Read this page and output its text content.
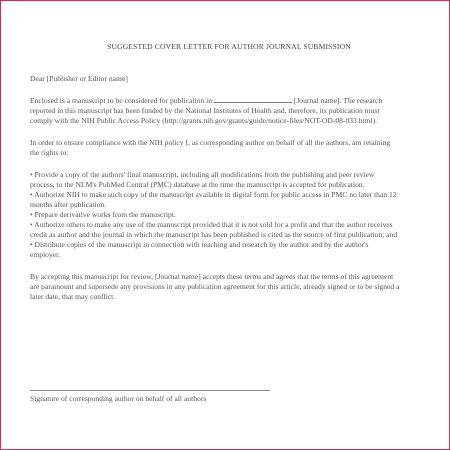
SUGGESTED COVER LETTER FOR AUTHOR JOURNAL SUBMISSION

Dear [Publisher or Editor name]

Enclosed is a manuscript to be considered for publication in	[Journal name]. The research reported in this manuscript has been funded by the National Institutes of Health and, therefore, its publication must comply with the NIH Public Access Policy (http://grants.nih.gov/grants/guide/notice-files/NOT-OD-08-033.html).

In order to ensure compliance with the NIH policy I, as corresponding author on behalf of all the authors, am retaining the rights to:

• Provide a copy of the authors' final manuscript, including all modifications from the publishing and peer review process, to the NLM's PubMed Central (PMC) database at the time the manuscript is accepted for publication.
• Authorize NIH to make such copy of the manuscript available in digital form for public access in PMC no later than 12 months after publication.
• Prepare derivative works from the manuscript.
• Authorize others to make any use of the manuscript provided that it is not sold for a profit and that the author receives credit as author and the journal in which the manuscript has been published is cited as the source of first publication; and
• Distribute copies of the manuscript in connection with teaching and research by the author and by the author's employer.

By accepting this manuscript for review, [Journal name] accepts these terms and agrees that the terms of this agreement are paramount and supersede any provisions in any publication agreement for this article, already signed or to be signed a later date, that may conflict.

Signature of corresponding author on behalf of all authors
